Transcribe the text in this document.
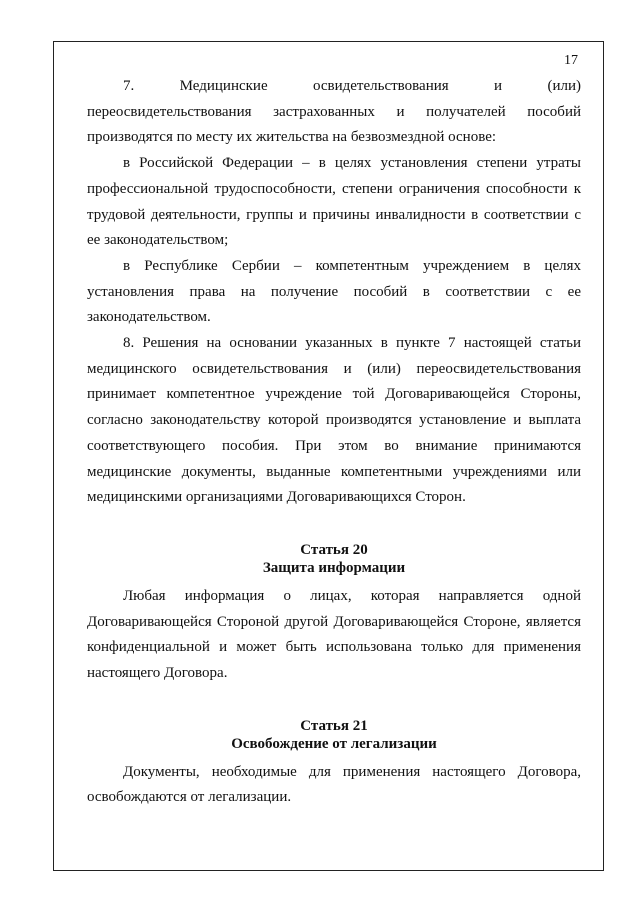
17

7. Медицинские освидетельствования и (или) переосвидетельствования застрахованных и получателей пособий производятся по месту их жительства на безвозмездной основе:

в Российской Федерации – в целях установления степени утраты профессиональной трудоспособности, степени ограничения способности к трудовой деятельности, группы и причины инвалидности в соответствии с ее законодательством;

в Республике Сербии – компетентным учреждением в целях установления права на получение пособий в соответствии с ее законодательством.

8. Решения на основании указанных в пункте 7 настоящей статьи медицинского освидетельствования и (или) переосвидетельствования принимает компетентное учреждение той Договаривающейся Стороны, согласно законодательству которой производятся установление и выплата соответствующего пособия. При этом во внимание принимаются медицинские документы, выданные компетентными учреждениями или медицинскими организациями Договаривающихся Сторон.

Статья 20

Защита информации

Любая информация о лицах, которая направляется одной Договаривающейся Стороной другой Договаривающейся Стороне, является конфиденциальной и может быть использована только для применения настоящего Договора.

Статья 21

Освобождение от легализации

Документы, необходимые для применения настоящего Договора, освобождаются от легализации.
